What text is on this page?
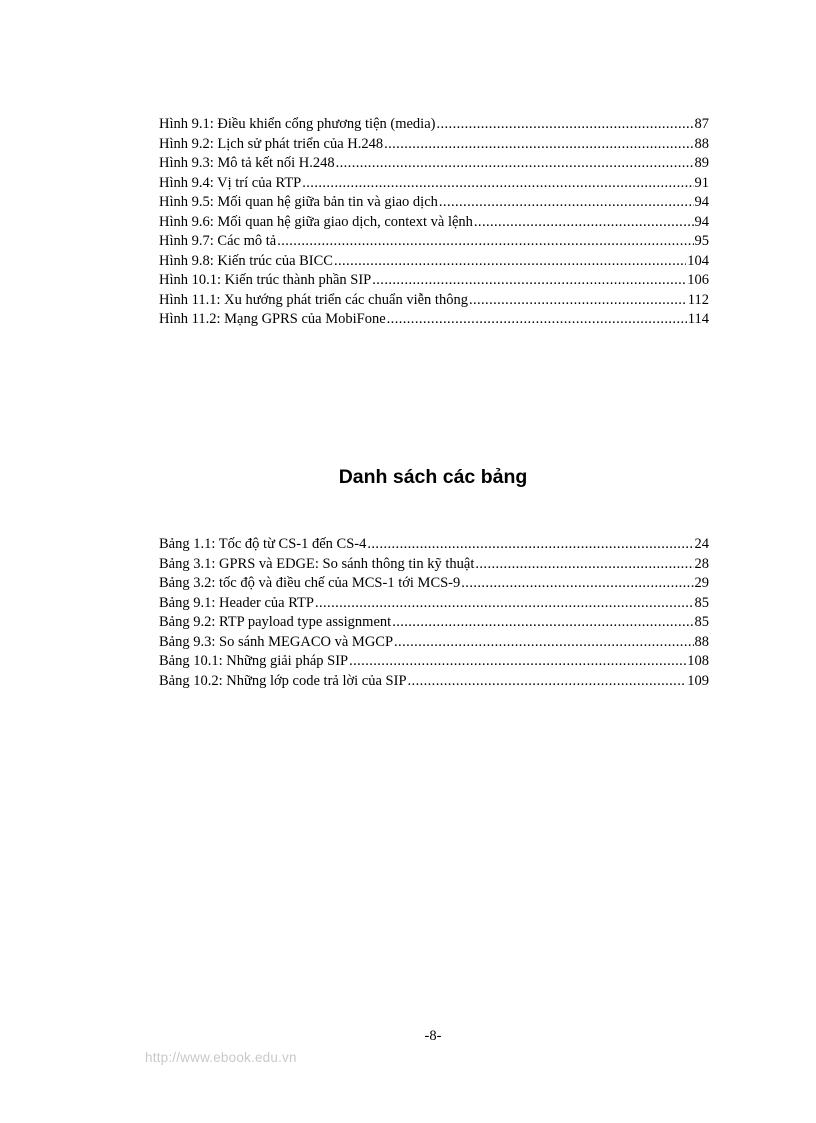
Hình 9.1: Điều khiển cổng phương tiện (media) .....	87
Hình 9.2: Lịch sử phát triển của H.248 .....	88
Hình 9.3: Mô tả kết nối H.248 .....	89
Hình 9.4: Vị trí của RTP .....	91
Hình 9.5: Mối quan hệ giữa bản tin và giao dịch .....	94
Hình 9.6: Mối quan hệ giữa giao dịch, context và lệnh .....	94
Hình 9.7: Các mô tả .....	95
Hình 9.8: Kiến trúc của BICC .....	104
Hình 10.1: Kiến trúc thành phần SIP .....	106
Hình 11.1: Xu hướng phát triển các chuẩn viễn thông .....	112
Hình 11.2: Mạng GPRS của MobiFone .....	114
Danh sách các bảng
Bảng 1.1: Tốc độ từ CS-1 đến CS-4 .....	24
Bảng 3.1: GPRS và EDGE: So sánh thông tin kỹ thuật .....	28
Bảng 3.2: tốc độ và điều chế của MCS-1 tới MCS-9 .....	29
Bảng 9.1: Header của RTP .....	85
Bảng 9.2: RTP payload type assignment .....	85
Bảng 9.3: So sánh MEGACO và MGCP .....	88
Bảng 10.1: Những giải pháp SIP .....	108
Bảng 10.2: Những lớp code trả lời của SIP .....	109
-8-
http://www.ebook.edu.vn
